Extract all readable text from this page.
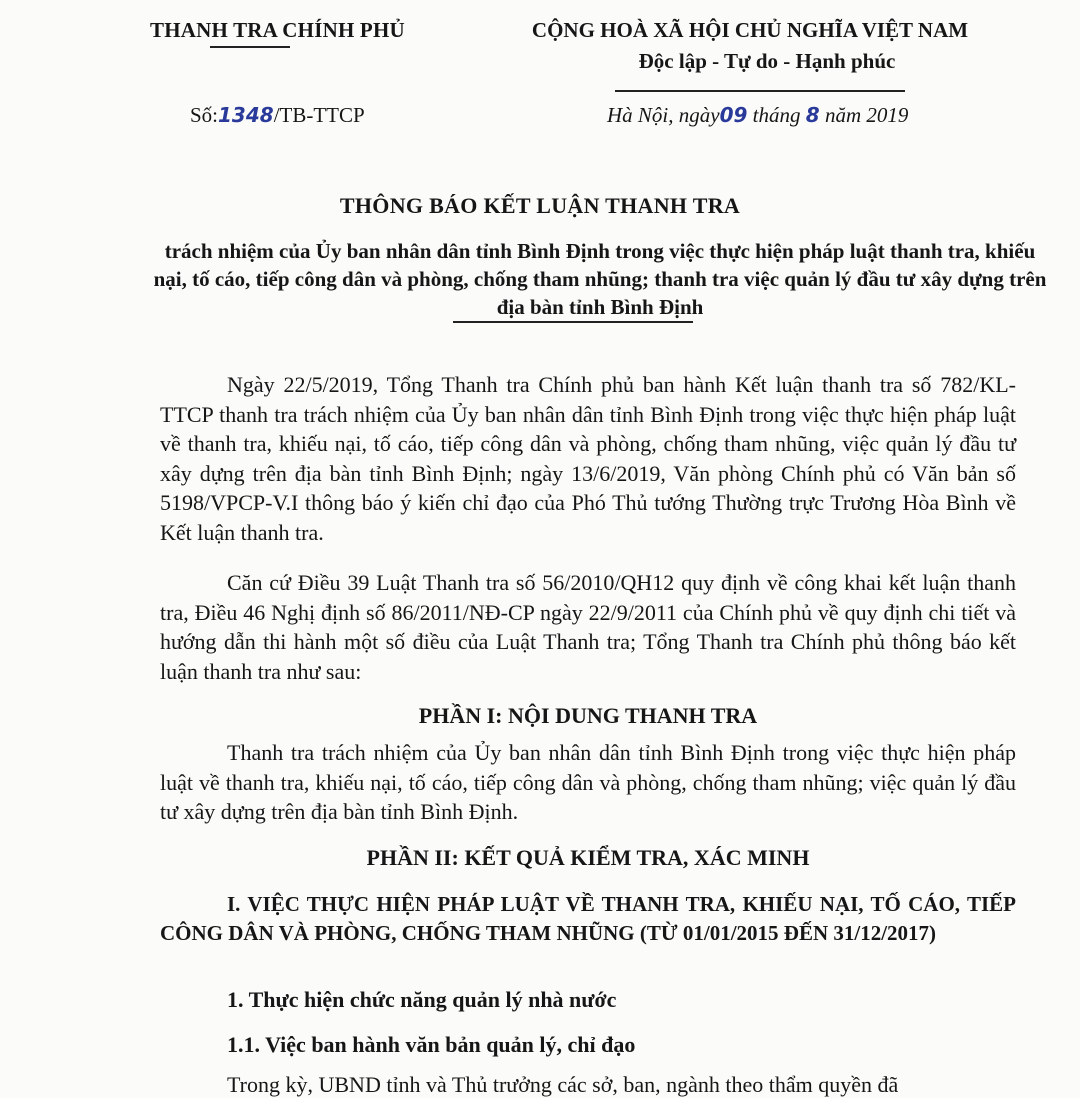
THANH TRA CHÍNH PHỦ	CỘNG HOÀ XÃ HỘI CHỦ NGHĨA VIỆT NAM
Độc lập - Tự do - Hạnh phúc
Số:1348/TB-TTCP	Hà Nội, ngày09 tháng 8 năm 2019
THÔNG BÁO KẾT LUẬN THANH TRA
trách nhiệm của Ủy ban nhân dân tỉnh Bình Định trong việc thực hiện pháp luật thanh tra, khiếu nại, tố cáo, tiếp công dân và phòng, chống tham nhũng; thanh tra việc quản lý đầu tư xây dựng trên địa bàn tỉnh Bình Định
Ngày 22/5/2019, Tổng Thanh tra Chính phủ ban hành Kết luận thanh tra số 782/KL-TTCP thanh tra trách nhiệm của Ủy ban nhân dân tỉnh Bình Định trong việc thực hiện pháp luật về thanh tra, khiếu nại, tố cáo, tiếp công dân và phòng, chống tham nhũng, việc quản lý đầu tư xây dựng trên địa bàn tỉnh Bình Định; ngày 13/6/2019, Văn phòng Chính phủ có Văn bản số 5198/VPCP-V.I thông báo ý kiến chỉ đạo của Phó Thủ tướng Thường trực Trương Hòa Bình về Kết luận thanh tra.
Căn cứ Điều 39 Luật Thanh tra số 56/2010/QH12 quy định về công khai kết luận thanh tra, Điều 46 Nghị định số 86/2011/NĐ-CP ngày 22/9/2011 của Chính phủ về quy định chi tiết và hướng dẫn thi hành một số điều của Luật Thanh tra; Tổng Thanh tra Chính phủ thông báo kết luận thanh tra như sau:
PHẦN I: NỘI DUNG THANH TRA
Thanh tra trách nhiệm của Ủy ban nhân dân tỉnh Bình Định trong việc thực hiện pháp luật về thanh tra, khiếu nại, tố cáo, tiếp công dân và phòng, chống tham nhũng; việc quản lý đầu tư xây dựng trên địa bàn tỉnh Bình Định.
PHẦN II: KẾT QUẢ KIỂM TRA, XÁC MINH
I. VIỆC THỰC HIỆN PHÁP LUẬT VỀ THANH TRA, KHIẾU NẠI, TỐ CÁO, TIẾP CÔNG DÂN VÀ PHÒNG, CHỐNG THAM NHŨNG (TỪ 01/01/2015 ĐẾN 31/12/2017)
1. Thực hiện chức năng quản lý nhà nước
1.1. Việc ban hành văn bản quản lý, chỉ đạo
Trong kỳ, UBND tỉnh và Thủ trưởng các sở, ban, ngành theo thẩm quyền đã
